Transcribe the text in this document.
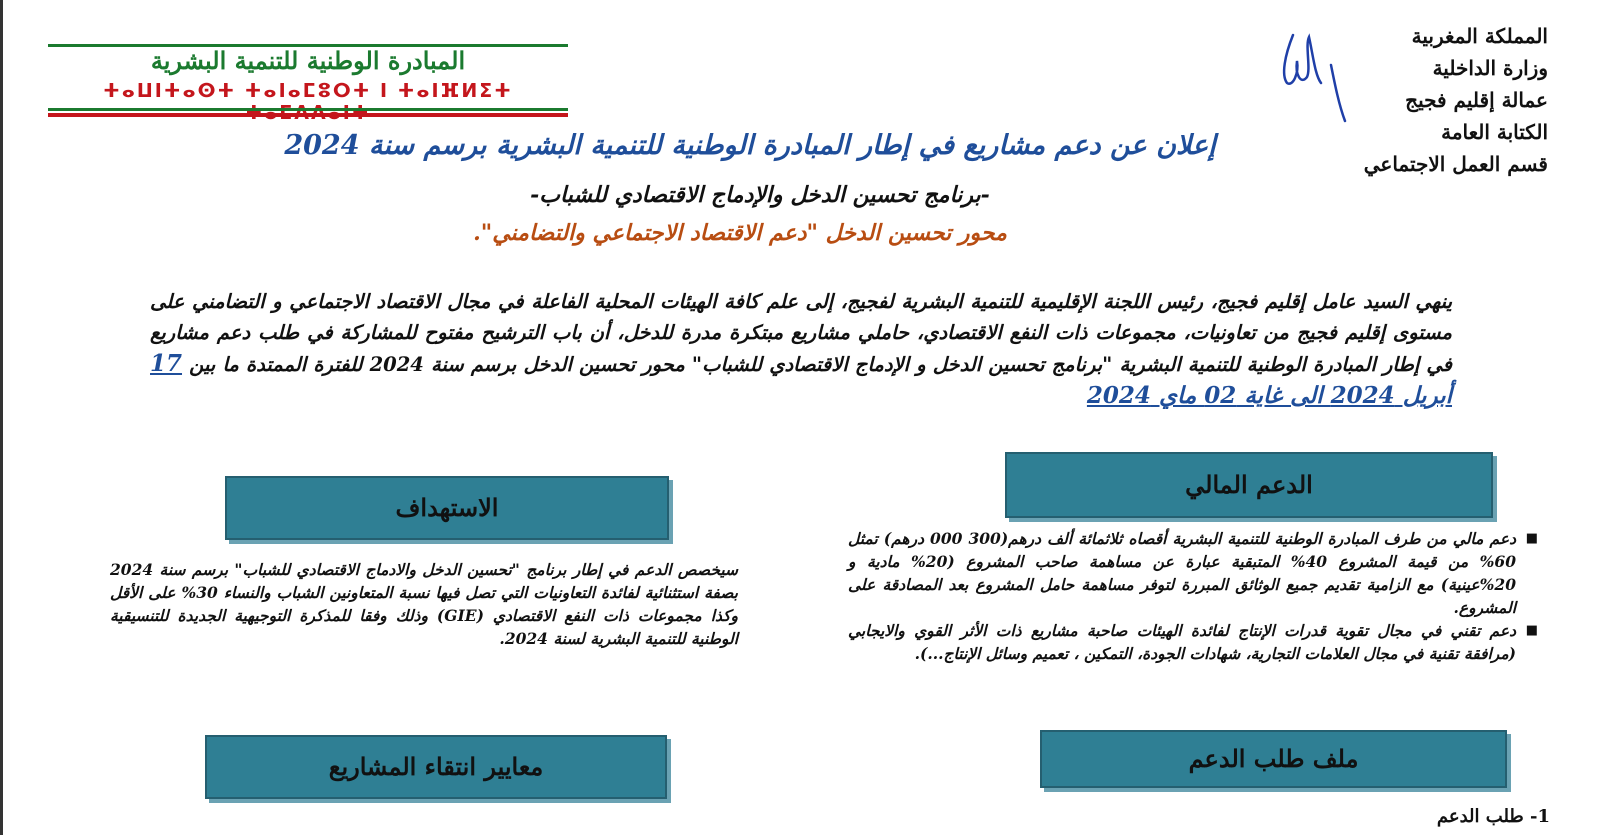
المبادرة الوطنية للتنمية البشرية
ⵜⴰⵡⵏⵜⴰⵙⵜ ⵜⴰⵏⴰⵎⵓⵔⵜ ⵏ ⵜⴰⵏⴼⵍⵉⵜ
المملكة المغربية
وزارة الداخلية
عمالة إقليم فجيج
الكتابة العامة
قسم العمل الاجتماعي
إعلان عن دعم مشاريع في إطار المبادرة الوطنية للتنمية البشرية برسم سنة 2024
-برنامج تحسين الدخل والإدماج الاقتصادي للشباب-
محور تحسين الدخل "دعم الاقتصاد الاجتماعي والتضامني".
ينهي السيد عامل إقليم فجيج، رئيس اللجنة الإقليمية للتنمية البشرية لفجيج، إلى علم كافة الهيئات المحلية الفاعلة في مجال الاقتصاد الاجتماعي و التضامني على مستوى إقليم فجيج من تعاونيات، مجموعات ذات النفع الاقتصادي، حاملي مشاريع مبتكرة مدرة للدخل، أن باب الترشيح مفتوح للمشاركة في طلب دعم مشاريع في إطار المبادرة الوطنية للتنمية البشرية "برنامج تحسين الدخل و الإدماج الاقتصادي للشباب" محور تحسين الدخل برسم سنة 2024 للفترة الممتدة ما بين 17 أبريل 2024 الى غاية 02 ماي 2024
الدعم المالي
الاستهداف
ملف طلب الدعم
معايير انتقاء المشاريع
■
دعم مالي من طرف المبادرة الوطنية للتنمية البشرية أقصاه ثلاثمائة ألف درهم(300 000 درهم) تمثل 60% من قيمة المشروع 40% المتبقية عبارة عن مساهمة صاحب المشروع (20% مادية و 20%عينية) مع الزامية تقديم جميع الوثائق المبررة لتوفر مساهمة حامل المشروع بعد المصادقة على المشروع.
■
دعم تقني في مجال تقوية قدرات الإنتاج لفائدة الهيئات صاحبة مشاريع ذات الأثر القوي والايجابي (مرافقة تقنية في مجال العلامات التجارية، شهادات الجودة، التمكين ، تعميم وسائل الإنتاج...).
سيخصص الدعم في إطار برنامج "تحسين الدخل والادماج الاقتصادي للشباب" برسم سنة 2024 بصفة استثنائية لفائدة التعاونيات التي تصل فيها نسبة المتعاونين الشباب والنساء 30% على الأقل وكذا مجموعات ذات النفع الاقتصادي (GIE) وذلك وفقا للمذكرة التوجيهية الجديدة للتنسيقية الوطنية للتنمية البشرية لسنة 2024.
1- طلب الدعم
